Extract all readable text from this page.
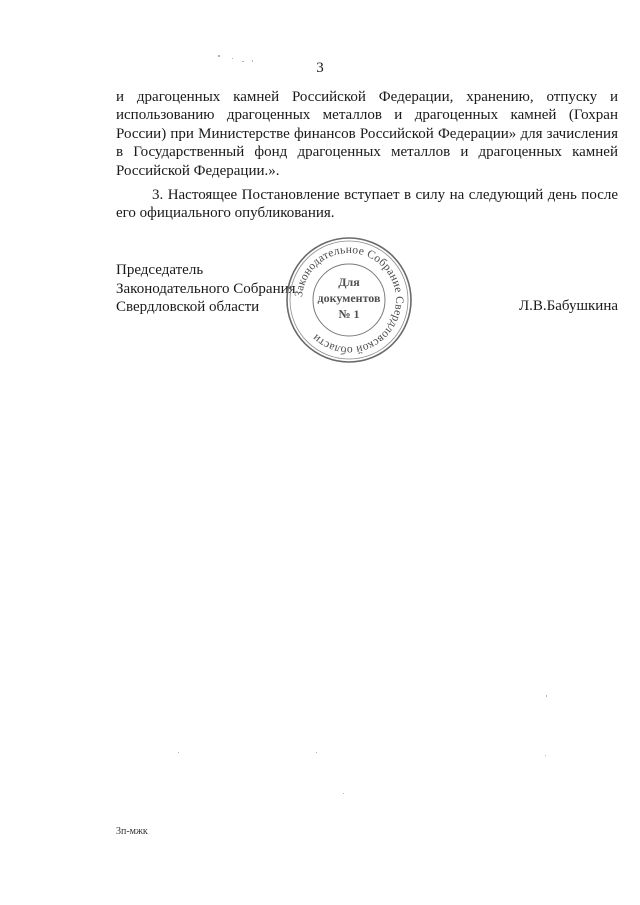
3

и драгоценных камней Российской Федерации, хранению, отпуску и использованию драгоценных металлов и драгоценных камней (Гохран России) при Министерстве финансов Российской Федерации» для зачисления в Государственный фонд драгоценных металлов и драгоценных камней Российской Федерации.».

3. Настоящее Постановление вступает в силу на следующий день после его официального опубликования.

Председатель
Законодательного Собрания
Свердловской области	Л.В.Бабушкина
Законодательное Собрание Свердловской области
Для
документов
№ 1
3п-мжк
